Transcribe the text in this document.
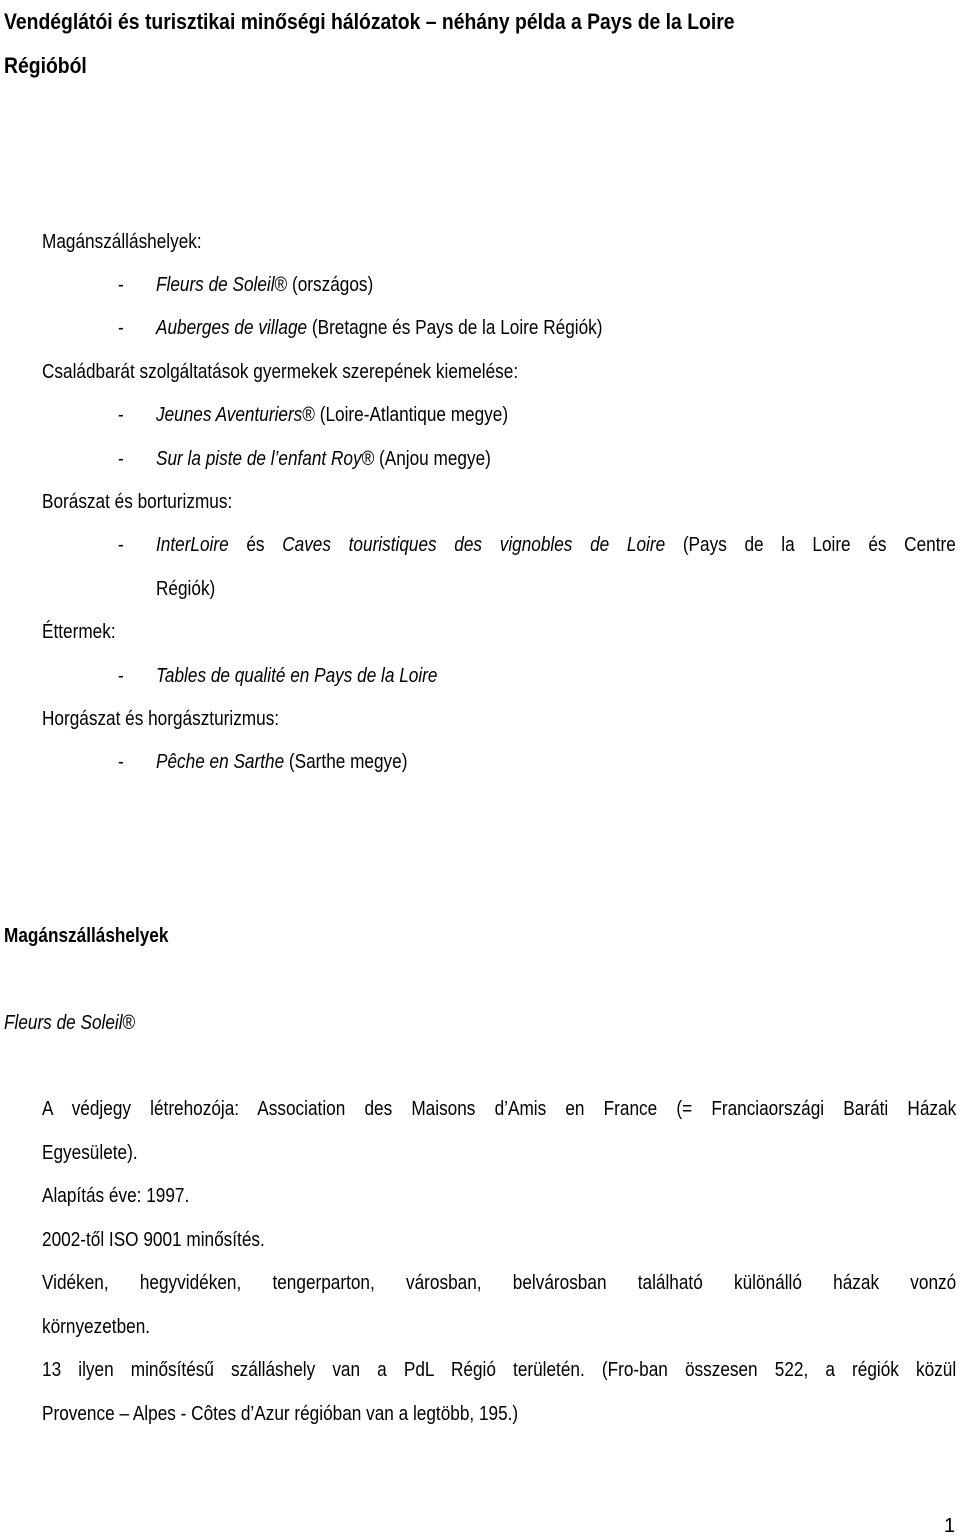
Vendéglátói és turisztikai minőségi hálózatok – néhány példa a Pays de la Loire
Régióból
Magánszálláshelyek:
- Fleurs de Soleil® (országos)
- Auberges de village (Bretagne és Pays de la Loire Régiók)
Családbarát szolgáltatások gyermekek szerepének kiemelése:
- Jeunes Aventuriers® (Loire-Atlantique megye)
- Sur la piste de l’enfant Roy® (Anjou megye)
Borászat és borturizmus:
- InterLoire és Caves touristiques des vignobles de Loire (Pays de la Loire és Centre
Régiók)
Éttermek:
- Tables de qualité en Pays de la Loire
Horgászat és horgászturizmus:
- Pêche en Sarthe (Sarthe megye)
Magánszálláshelyek
Fleurs de Soleil®
A védjegy létrehozója: Association des Maisons d’Amis en France (= Franciaországi Baráti Házak
Egyesülete).
Alapítás éve: 1997.
2002-től ISO 9001 minősítés.
Vidéken, hegyvidéken, tengerparton, városban, belvárosban található különálló házak vonzó
környezetben.
13 ilyen minősítésű szálláshely van a PdL Régió területén. (Fro-ban összesen 522, a régiók közül
Provence – Alpes - Côtes d’Azur régióban van a legtöbb, 195.)
1
